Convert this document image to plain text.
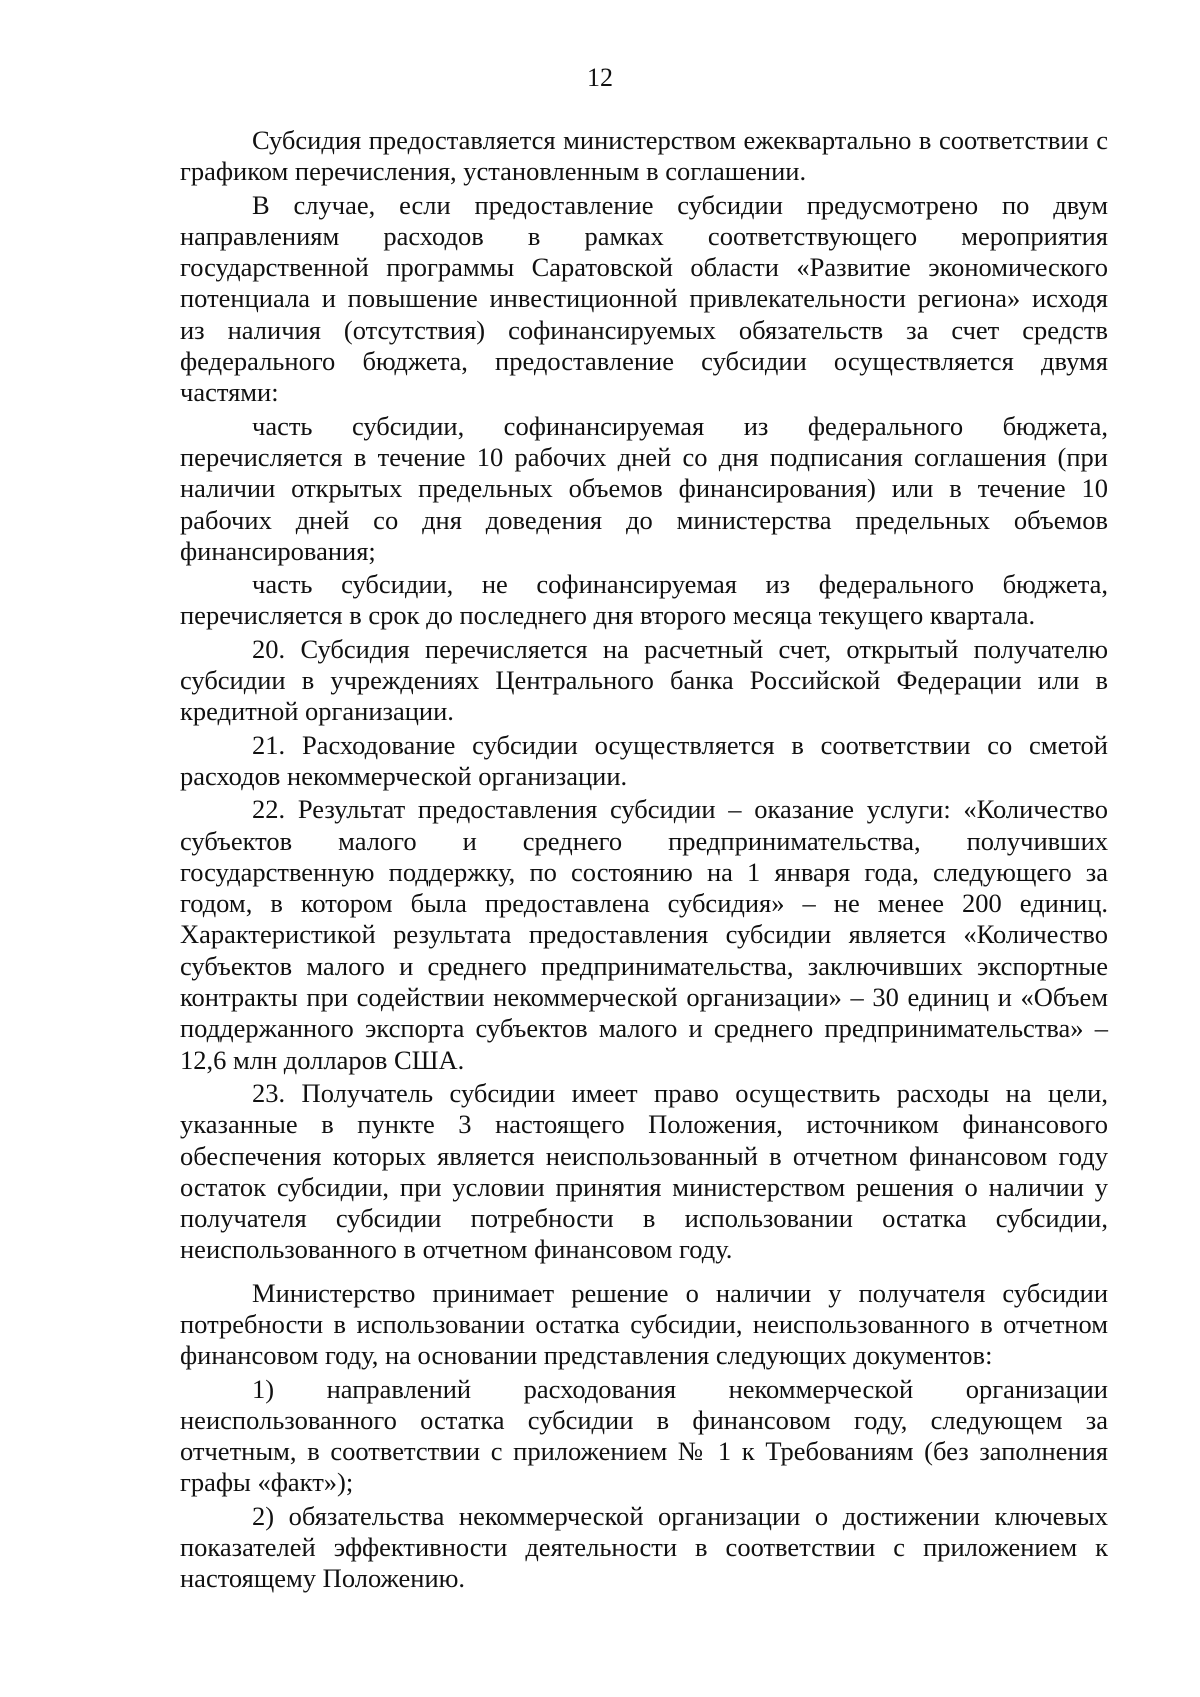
12

Субсидия предоставляется министерством ежеквартально в соответствии с графиком перечисления, установленным в соглашении.

В случае, если предоставление субсидии предусмотрено по двум направлениям расходов в рамках соответствующего мероприятия государственной программы Саратовской области «Развитие экономического потенциала и повышение инвестиционной привлекательности региона» исходя из наличия (отсутствия) софинансируемых обязательств за счет средств федерального бюджета, предоставление субсидии осуществляется двумя частями:

часть субсидии, софинансируемая из федерального бюджета, перечисляется в течение 10 рабочих дней со дня подписания соглашения (при наличии открытых предельных объемов финансирования) или в течение 10 рабочих дней со дня доведения до министерства предельных объемов финансирования;

часть субсидии, не софинансируемая из федерального бюджета, перечисляется в срок до последнего дня второго месяца текущего квартала.

20. Субсидия перечисляется на расчетный счет, открытый получателю субсидии в учреждениях Центрального банка Российской Федерации или в кредитной организации.

21. Расходование субсидии осуществляется в соответствии со сметой расходов некоммерческой организации.

22. Результат предоставления субсидии – оказание услуги: «Количество субъектов малого и среднего предпринимательства, получивших государственную поддержку, по состоянию на 1 января года, следующего за годом, в котором была предоставлена субсидия» – не менее 200 единиц. Характеристикой результата предоставления субсидии является «Количество субъектов малого и среднего предпринимательства, заключивших экспортные контракты при содействии некоммерческой организации» – 30 единиц и «Объем поддержанного экспорта субъектов малого и среднего предпринимательства» – 12,6 млн долларов США.

23. Получатель субсидии имеет право осуществить расходы на цели, указанные в пункте 3 настоящего Положения, источником финансового обеспечения которых является неиспользованный в отчетном финансовом году остаток субсидии, при условии принятия министерством решения о наличии у получателя субсидии потребности в использовании остатка субсидии, неиспользованного в отчетном финансовом году.

Министерство принимает решение о наличии у получателя субсидии потребности в использовании остатка субсидии, неиспользованного в отчетном финансовом году, на основании представления следующих документов:

1) направлений расходования некоммерческой организации неиспользованного остатка субсидии в финансовом году, следующем за отчетным, в соответствии с приложением № 1 к Требованиям (без заполнения графы «факт»);

2) обязательства некоммерческой организации о достижении ключевых показателей эффективности деятельности в соответствии с приложением к настоящему Положению.
